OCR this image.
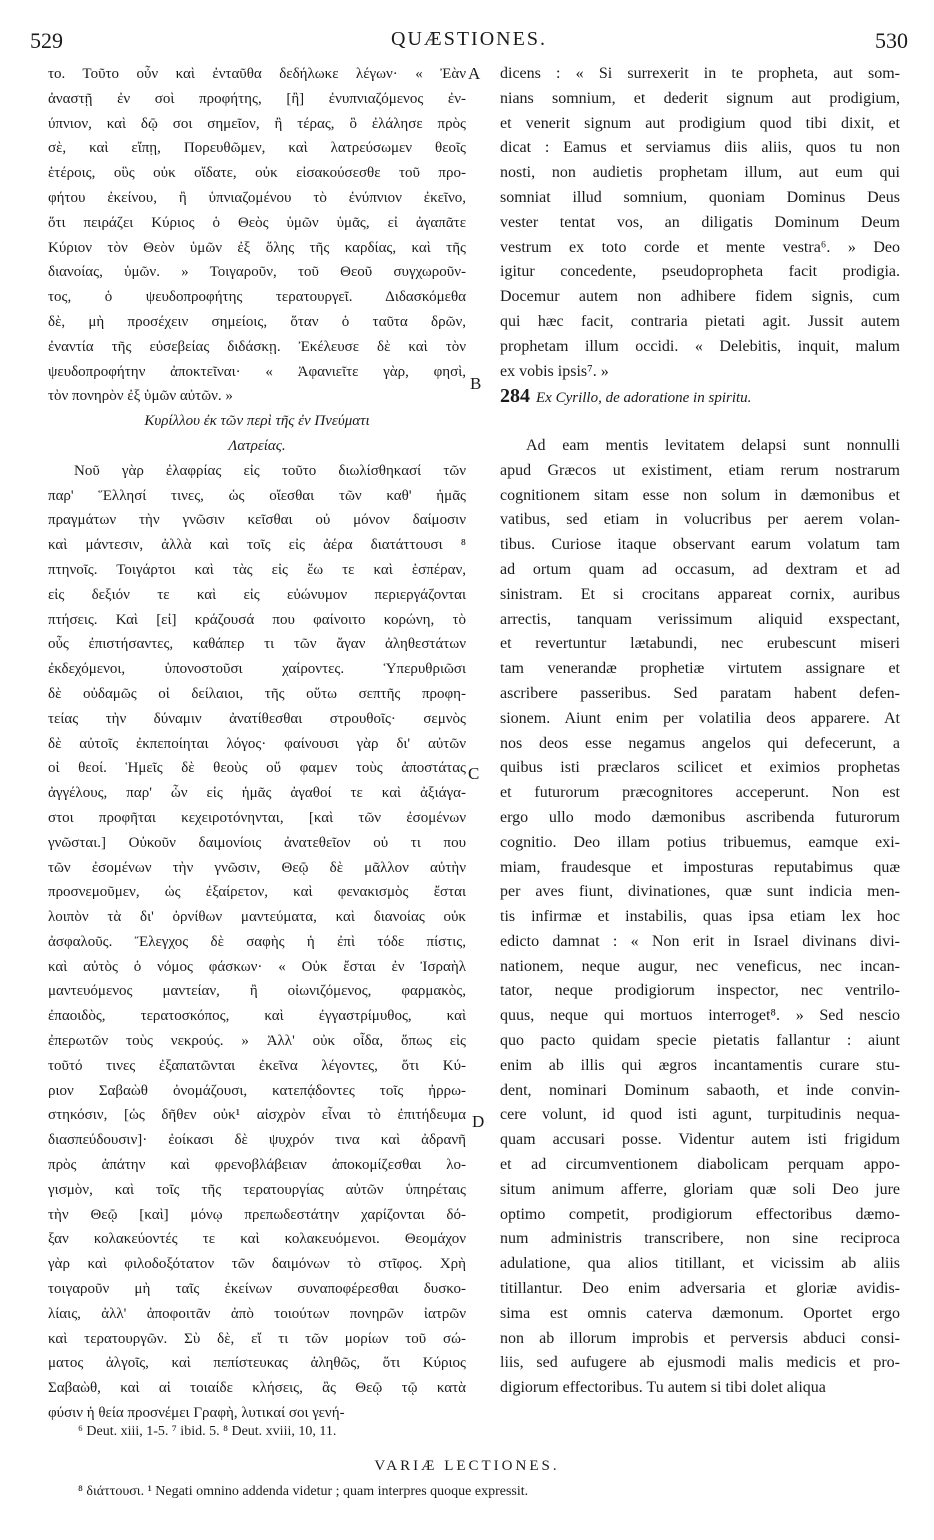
529	QUÆSTIONES.	530
A
B
C
D
το. Τοῦτο οὖν καὶ ἐνταῦθα δεδήλωκε λέγων· « Ἐὰν
ἀναστῇ ἐν σοὶ προφήτης, [ἢ] ἐνυπνιαζόμενος ἐν-
ύπνιον, καὶ δῷ σοι σημεῖον, ἢ τέρας, ὃ ἐλάλησε πρὸς
σὲ, καὶ εἴπῃ, Πορευθῶμεν, καὶ λατρεύσωμεν θεοῖς
ἑτέροις, οὓς οὐκ οἴδατε, οὐκ εἰσακούσεσθε τοῦ προ-
φήτου ἐκείνου, ἢ ὑπνιαζομένου τὸ ἐνύπνιον ἐκεῖνο,
ὅτι πειράζει Κύριος ὁ Θεὸς ὑμῶν ὑμᾶς, εἰ ἀγαπᾶτε
Κύριον τὸν Θεὸν ὑμῶν ἐξ ὅλης τῆς καρδίας, καὶ τῆς
διανοίας, ὑμῶν. » Τοιγαροῦν, τοῦ Θεοῦ συγχωροῦν-
τος, ὁ ψευδοπροφήτης τερατουργεῖ. Διδασκόμεθα
δὲ, μὴ προσέχειν σημείοις, ὅταν ὁ ταῦτα δρῶν,
ἐναντία τῆς εὐσεβείας διδάσκῃ. Ἐκέλευσε δὲ καὶ τὸν
ψευδοπροφήτην ἀποκτεῖναι· « Ἀφανιεῖτε γὰρ, φησὶ,
τὸν πονηρὸν ἐξ ὑμῶν αὐτῶν. »
Κυρίλλου ἐκ τῶν περὶ τῆς ἐν Πνεύματι
Λατρείας.
Νοῦ γὰρ ἐλαφρίας εἰς τοῦτο διωλίσθηκασί τῶν
παρ' Ἕλλησί τινες, ὡς οἴεσθαι τῶν καθ' ἡμᾶς
πραγμάτων τὴν γνῶσιν κεῖσθαι οὐ μόνον δαίμοσιν
καὶ μάντεσιν, ἀλλὰ καὶ τοῖς εἰς ἀέρα διατάττουσι ⁸
πτηνοῖς. Τοιγάρτοι καὶ τὰς εἰς ἕω τε καὶ ἑσπέραν,
εἰς δεξιόν τε καὶ εἰς εὐώνυμον περιεργάζονται
πτήσεις. Καὶ [εἰ] κράζουσά που φαίνοιτο κορώνη, τὸ
οὖς ἐπιστήσαντες, καθάπερ τι τῶν ἄγαν ἀληθεστάτων
ἐκδεχόμενοι, ὑπονοστοῦσι χαίροντες. Ὑπερυθριῶσι
δὲ οὐδαμῶς οἱ δείλαιοι, τῆς οὕτω σεπτῆς προφη-
τείας τὴν δύναμιν ἀνατίθεσθαι στρουθοῖς· σεμνὸς
δὲ αὐτοῖς ἐκπεποίηται λόγος· φαίνουσι γὰρ δι' αὐτῶν
οἱ θεοί. Ἡμεῖς δὲ θεοὺς οὔ φαμεν τοὺς ἀποστάτας
ἀγγέλους, παρ' ὧν εἰς ἡμᾶς ἀγαθοί τε καὶ ἀξιάγα-
στοι προφῆται κεχειροτόνηνται, [καὶ τῶν ἐσομένων
γνῶσται.] Οὐκοῦν δαιμονίοις ἀνατεθεῖον οὐ τι που
τῶν ἐσομένων τὴν γνῶσιν, Θεῷ δὲ μᾶλλον αὐτὴν
προσνεμοῦμεν, ὡς ἐξαίρετον, καὶ φενακισμὸς ἔσται
λοιπὸν τὰ δι' ὀρνίθων μαντεύματα, καὶ διανοίας οὐκ
ἀσφαλοῦς. Ἔλεγχος δὲ σαφὴς ἡ ἐπὶ τόδε πίστις,
καὶ αὐτὸς ὁ νόμος φάσκων· « Οὐκ ἔσται ἐν Ἰσραὴλ
μαντευόμενος μαντείαν, ἢ οἰωνιζόμενος, φαρμακὸς,
ἐπαοιδὸς, τερατοσκόπος, καὶ ἐγγαστρίμυθος, καὶ
ἐπερωτῶν τοὺς νεκρούς. » Ἀλλ' οὐκ οἶδα, ὅπως εἰς
τοῦτό τινες ἐξαπατῶνται ἐκεῖνα λέγοντες, ὅτι Κύ-
ριον Σαβαὼθ ὀνομάζουσι, κατεπᾴδοντες τοῖς ἠρρω-
στηκόσιν, [ὡς δῆθεν οὐκ¹ αἰσχρὸν εἶναι τὸ ἐπιτήδευμα
διασπεύδουσιν]· ἐοίκασι δὲ ψυχρόν τινα καὶ ἀδρανῆ
πρὸς ἀπάτην καὶ φρενοβλάβειαν ἀποκομίζεσθαι λο-
γισμὸν, καὶ τοῖς τῆς τερατουργίας αὐτῶν ὑπηρέταις
τὴν Θεῷ [καὶ] μόνῳ πρεπωδεστάτην χαρίζονται δό-
ξαν κολακεύοντές τε καὶ κολακευόμενοι. Θεομάχον
γὰρ καὶ φιλοδοξότατον τῶν δαιμόνων τὸ στῖφος. Χρὴ
τοιγαροῦν μὴ ταῖς ἐκείνων συναποφέρεσθαι δυσκο-
λίαις, ἀλλ' ἀποφοιτᾶν ἀπὸ τοιούτων πονηρῶν ἰατρῶν
καὶ τερατουργῶν. Σὺ δὲ, εἴ τι τῶν μορίων τοῦ σώ-
ματος ἀλγοῖς, καὶ πεπίστευκας ἀληθῶς, ὅτι Κύριος
Σαβαὼθ, καὶ αἱ τοιαίδε κλήσεις, ἃς Θεῷ τῷ κατὰ
φύσιν ἡ θεία προσνέμει Γραφὴ, λυτικαί σοι γενή-
dicens : « Si surrexerit in te propheta, aut som-
nians somnium, et dederit signum aut prodigium,
et venerit signum aut prodigium quod tibi dixit, et
dicat : Eamus et serviamus diis aliis, quos tu non
nosti, non audietis prophetam illum, aut eum qui
somniat illud somnium, quoniam Dominus Deus
vester tentat vos, an diligatis Dominum Deum
vestrum ex toto corde et mente vestra⁶. » Deo
igitur concedente, pseudopropheta facit prodigia.
Docemur autem non adhibere fidem signis, cum
qui hæc facit, contraria pietati agit. Jussit autem
prophetam illum occidi. « Delebitis, inquit, malum
ex vobis ipsis⁷. »
284 Ex Cyrillo, de adoratione in spiritu.
Ad eam mentis levitatem delapsi sunt nonnulli
apud Græcos ut existiment, etiam rerum nostrarum
cognitionem sitam esse non solum in dæmonibus et
vatibus, sed etiam in volucribus per aerem volan-
tibus. Curiose itaque observant earum volatum tam
ad ortum quam ad occasum, ad dextram et ad
sinistram. Et si crocitans appareat cornix, auribus
arrectis, tanquam verissimum aliquid exspectant,
et revertuntur lætabundi, nec erubescunt miseri
tam venerandæ prophetiæ virtutem assignare et
ascribere passeribus. Sed paratam habent defen-
sionem. Aiunt enim per volatilia deos apparere. At
nos deos esse negamus angelos qui defecerunt, a
quibus isti præclaros scilicet et eximios prophetas
et futurorum præcognitores acceperunt. Non est
ergo ullo modo dæmonibus ascribenda futurorum
cognitio. Deo illam potius tribuemus, eamque exi-
miam, fraudesque et imposturas reputabimus quæ
per aves fiunt, divinationes, quæ sunt indicia men-
tis infirmæ et instabilis, quas ipsa etiam lex hoc
edicto damnat : « Non erit in Israel divinans divi-
nationem, neque augur, nec veneficus, nec incan-
tator, neque prodigiorum inspector, nec ventrilo-
quus, neque qui mortuos interroget⁸. » Sed nescio
quo pacto quidam specie pietatis fallantur : aiunt
enim ab illis qui ægros incantamentis curare stu-
dent, nominari Dominum sabaoth, et inde convin-
cere volunt, id quod isti agunt, turpitudinis nequa-
quam accusari posse. Videntur autem isti frigidum
et ad circumventionem diabolicam perquam appo-
situm animum afferre, gloriam quæ soli Deo jure
optimo competit, prodigiorum effectoribus dæmo-
num administris transcribere, non sine reciproca
adulatione, qua alios titillant, et vicissim ab aliis
titillantur. Deo enim adversaria et gloriæ avidis-
sima est omnis caterva dæmonum. Oportet ergo
non ab illorum improbis et perversis abduci consi-
liis, sed aufugere ab ejusmodi malis medicis et pro-
digiorum effectoribus. Tu autem si tibi dolet aliqua
⁶ Deut. xiii, 1-5. ⁷ ibid. 5. ⁸ Deut. xviii, 10, 11.
VARIÆ LECTIONES.
⁸ διάττουσι. ¹ Negati omnino addenda videtur ; quam interpres quoque expressit.
